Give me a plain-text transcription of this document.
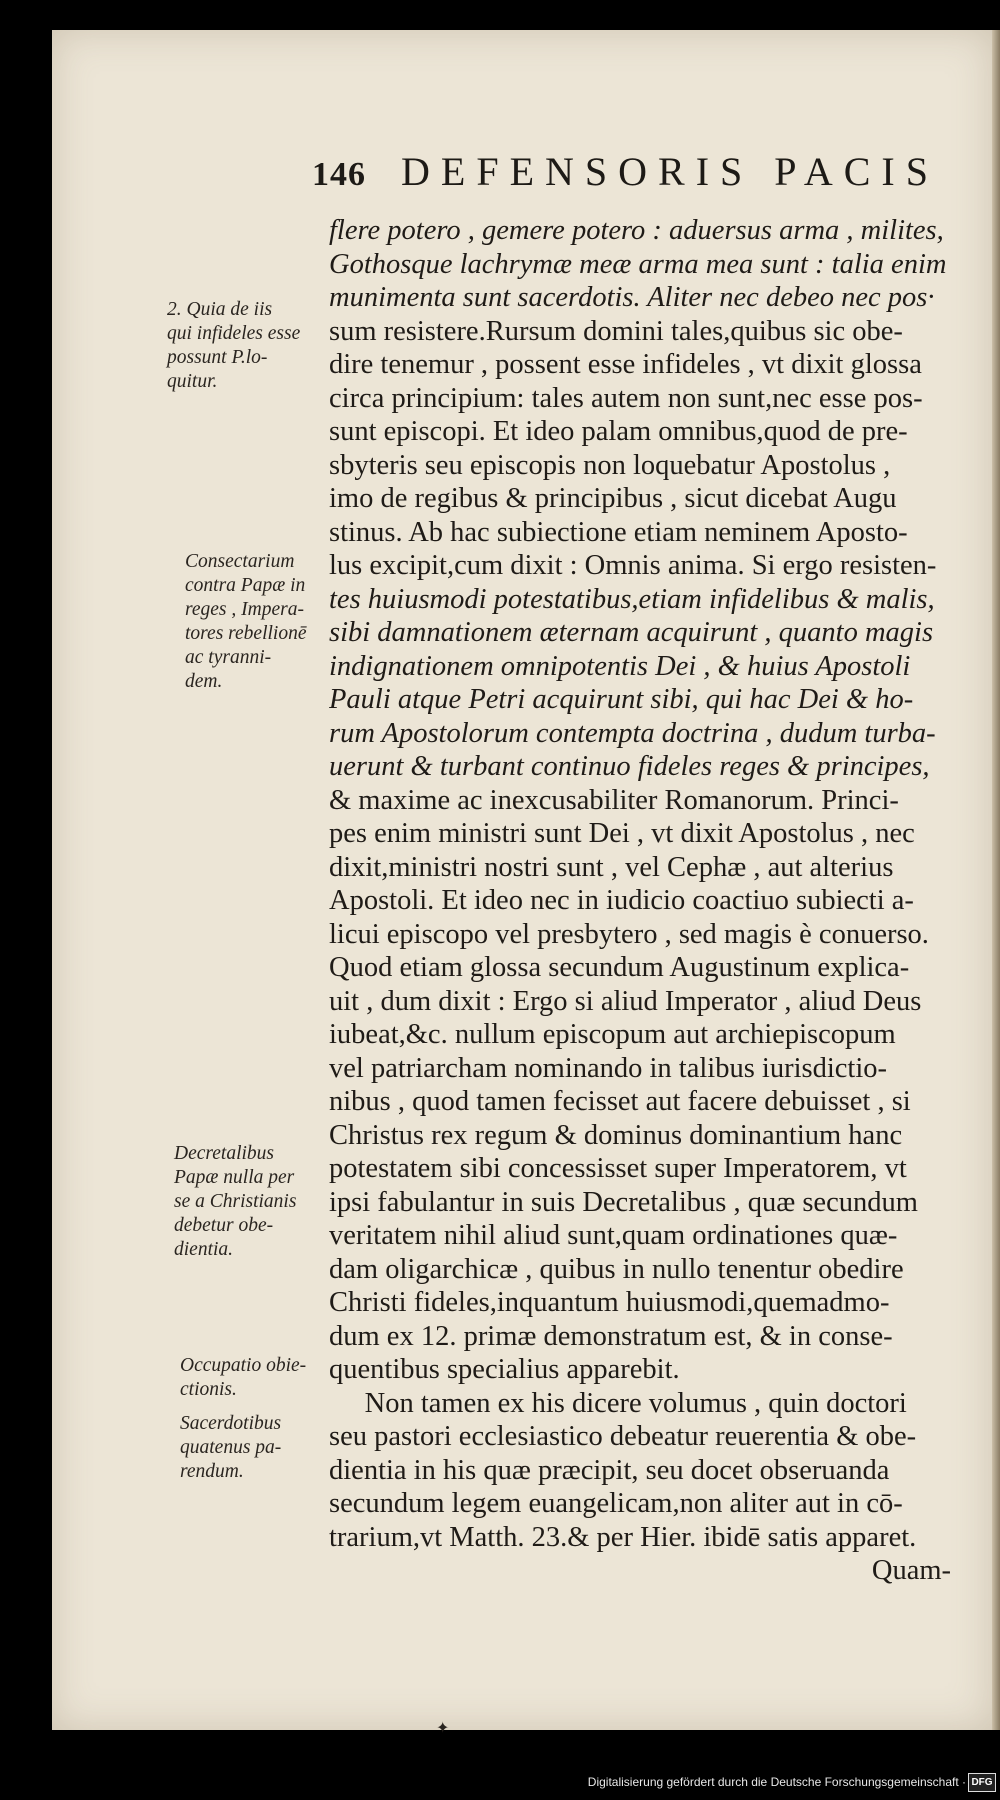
146 DEFENSORIS PACIS
flere potero , gemere potero : aduersus arma , milites,
Gothosque lachrymæ meæ arma mea sunt : talia enim
munimenta sunt sacerdotis. Aliter nec debeo nec pos·
sum resistere.Rursum domini tales,quibus sic obe-
dire tenemur , possent esse infideles , vt dixit glossa
circa principium: tales autem non sunt,nec esse pos-
sunt episcopi. Et ideo palam omnibus,quod de pre-
sbyteris seu episcopis non loquebatur Apostolus ,
imo de regibus & principibus , sicut dicebat Augu
stinus. Ab hac subiectione etiam neminem Aposto-
lus excipit,cum dixit : Omnis anima. Si ergo resisten-
tes huiusmodi potestatibus,etiam infidelibus & malis,
sibi damnationem æternam acquirunt , quanto magis
indignationem omnipotentis Dei , & huius Apostoli
Pauli atque Petri acquirunt sibi, qui hac Dei & ho-
rum Apostolorum contempta doctrina , dudum turba-
uerunt & turbant continuo fideles reges & principes,
& maxime ac inexcusabiliter Romanorum. Princi-
pes enim ministri sunt Dei , vt dixit Apostolus , nec
dixit,ministri nostri sunt , vel Cephæ , aut alterius
Apostoli. Et ideo nec in iudicio coactiuo subiecti a-
licui episcopo vel presbytero , sed magis è conuerso.
Quod etiam glossa secundum Augustinum explica-
uit , dum dixit : Ergo si aliud Imperator , aliud Deus
iubeat,&c. nullum episcopum aut archiepiscopum
vel patriarcham nominando in talibus iurisdictio-
nibus , quod tamen fecisset aut facere debuisset , si
Christus rex regum & dominus dominantium hanc
potestatem sibi concessisset super Imperatorem, vt
ipsi fabulantur in suis Decretalibus , quæ secundum
veritatem nihil aliud sunt,quam ordinationes quæ-
dam oligarchicæ , quibus in nullo tenentur obedire
Christi fideles,inquantum huiusmodi,quemadmo-
dum ex 12. primæ demonstratum est, & in conse-
quentibus specialius apparebit.
Non tamen ex his dicere volumus , quin doctori
seu pastori ecclesiastico debeatur reuerentia & obe-
dientia in his quæ præcipit, seu docet obseruanda
secundum legem euangelicam,non aliter aut in cō-
trarium,vt Matth. 23.& per Hier. ibidē satis apparet.
Quam-
2. Quia de iis
qui infideles esse
possunt P.lo-
quitur.
Consectarium
contra Papæ in
reges , Impera-
tores rebellionē
ac tyranni-
dem.
Decretalibus
Papæ nulla per
se a Christianis
debetur obe-
dientia.
Occupatio obie-
ctionis.
Sacerdotibus
quatenus pa-
rendum.
✦
Digitalisierung gefördert durch die Deutsche Forschungsgemeinschaft · DFG
